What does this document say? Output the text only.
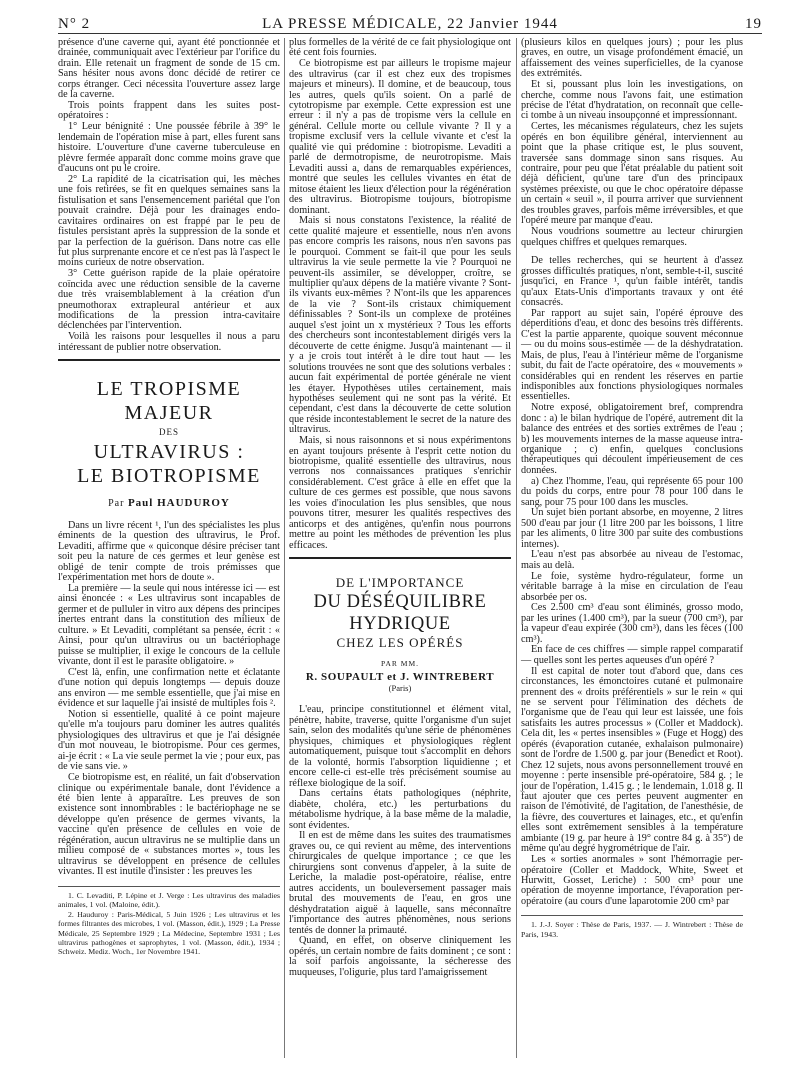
N° 2	LA PRESSE MÉDICALE, 22 Janvier 1944	19

présence d'une caverne qui, ayant été ponctionnée et drainée, communiquait avec l'extérieur par l'orifice du drain. Elle retenait un fragment de sonde de 15 cm. Sans hésiter nous avons donc décidé de retirer ce corps étranger. Ceci nécessita l'ouverture assez large de la caverne.

Trois points frappent dans les suites post-opératoires :

1° Leur bénignité : Une poussée fébrile à 39° le lendemain de l'opération mise à part, elles furent sans histoire. L'ouverture d'une caverne tuberculeuse en plèvre fermée apparaît donc comme moins grave que d'aucuns ont pu le croire.

2° La rapidité de la cicatrisation qui, les mèches une fois retirées, se fit en quelques semaines sans la fistulisation et sans l'ensemencement pariétal que l'on pouvait craindre. Déjà pour les drainages endo-cavitaires ordinaires on est frappé par le peu de fistules persistant après la suppression de la sonde et par la perfection de la guérison. Dans notre cas elle fut plus surprenante encore et ce n'est pas là l'aspect le moins curieux de notre observation.

3° Cette guérison rapide de la plaie opératoire coïncida avec une réduction sensible de la caverne due très vraisemblablement à la création d'un pneumothorax extrapleural antérieur et aux modifications de la pression intra-cavitaire déclenchées par l'intervention.

Voilà les raisons pour lesquelles il nous a paru intéressant de publier notre observation.

LE TROPISME MAJEUR
DES
ULTRAVIRUS :
LE BIOTROPISME
Par Paul HAUDUROY

Dans un livre récent ¹, l'un des spécialistes les plus éminents de la question des ultravirus, le Prof. Levaditi, affirme que « quiconque désire préciser tant soit peu la nature de ces germes et leur genèse est obligé de tenir compte de trois prémisses que l'expérimentation met hors de doute ».

La première — la seule qui nous intéresse ici — est ainsi énoncée : « Les ultravirus sont incapables de germer et de pulluler in vitro aux dépens des principes inertes entrant dans la constitution des milieux de culture. » Et Levaditi, complétant sa pensée, écrit : « Ainsi, pour qu'un ultravirus ou un bactériophage puisse se multiplier, il exige le concours de la cellule vivante, dont il est le parasite obligatoire. »

C'est là, enfin, une confirmation nette et éclatante d'une notion qui depuis longtemps — depuis douze ans environ — me semble essentielle, que j'ai mise en évidence et sur laquelle j'ai insisté de multiples fois ².

Notion si essentielle, qualité à ce point majeure qu'elle m'a toujours paru dominer les autres qualités physiologiques des ultravirus et que je l'ai désignée d'un mot nouveau, le biotropisme. Pour ces germes, ai-je écrit : « La vie seule permet la vie ; pour eux, pas de vie sans vie. »

Ce biotropisme est, en réalité, un fait d'observation clinique ou expérimentale banale, dont l'évidence a été bien lente à apparaître. Les preuves de son existence sont innombrables : le bactériophage ne se développe qu'en présence de germes vivants, la vaccine qu'en présence de cellules en voie de régénération, aucun ultravirus ne se multiplie dans un milieu composé de « substances mortes », tous les ultravirus se développent en présence de cellules vivantes. Il est inutile d'insister : les preuves les

1. C. Levaditi, P. Lépine et J. Verge : Les ultravirus des maladies animales, 1 vol. (Maloine, édit.).

2. Hauduroy : Paris-Médical, 5 Juin 1926 ; Les ultravirus et les formes filtrantes des microbes, 1 vol. (Masson, édit.), 1929 ; La Presse Médicale, 25 Septembre 1929 ; La Médecine, Septembre 1931 ; Les ultravirus pathogènes et saprophytes, 1 vol. (Masson, édit.), 1934 ; Schweiz. Mediz. Woch., 1er Novembre 1941.

plus formelles de la vérité de ce fait physiologique ont été cent fois fournies.

Ce biotropisme est par ailleurs le tropisme majeur des ultravirus (car il est chez eux des tropismes majeurs et mineurs). Il domine, et de beaucoup, tous les autres, quels qu'ils soient. On a parlé de cytotropisme par exemple. Cette expression est une erreur : il n'y a pas de tropisme vers la cellule en général. Cellule morte ou cellule vivante ? Il y a tropisme exclusif vers la cellule vivante et c'est la qualité vie qui prédomine : biotropisme. Levaditi a parlé de dermotropisme, de neurotropisme. Mais Levaditi aussi a, dans de remarquables expériences, montré que seules les cellules vivantes en état de mitose étaient les lieux d'élection pour la régénération des ultravirus. Biotropisme toujours, biotropisme dominant.

Mais si nous constatons l'existence, la réalité de cette qualité majeure et essentielle, nous n'en avons pas encore compris les raisons, nous n'en savons pas le pourquoi. Comment se fait-il que pour les seuls ultravirus la vie seule permette la vie ? Pourquoi ne peuvent-ils assimiler, se développer, croître, se multiplier qu'aux dépens de la matière vivante ? Sont-ils vivants eux-mêmes ? N'ont-ils que les apparences de la vie ? Sont-ils cristaux chimiquement définissables ? Sont-ils un complexe de protéines auquel s'est joint un x mystérieux ? Tous les efforts des chercheurs sont incontestablement dirigés vers la découverte de cette énigme. Jusqu'à maintenant — il y a je crois tout intérêt à le dire tout haut — les solutions trouvées ne sont que des solutions verbales : aucun fait expérimental de portée générale ne vient les étayer. Hypothèses utiles certainement, mais hypothèses seulement qui ne sont pas la vérité. Et cependant, c'est dans la découverte de cette solution que réside incontestablement le secret de la nature des ultravirus.

Mais, si nous raisonnons et si nous expérimentons en ayant toujours présente à l'esprit cette notion du biotropisme, qualité essentielle des ultravirus, nous verrons nos connaissances pratiques s'enrichir considérablement. C'est grâce à elle en effet que la culture de ces germes est possible, que nous savons les voies d'inoculation les plus sensibles, que nous pouvons titrer, mesurer les qualités respectives des anticorps et des antigènes, qu'enfin nous pourrons mettre au point les méthodes de prévention les plus efficaces.

DE L'IMPORTANCE
DU DÉSÉQUILIBRE HYDRIQUE
CHEZ LES OPÉRÉS
PAR MM.
R. SOUPAULT et J. WINTREBERT
(Paris)

L'eau, principe constitutionnel et élément vital, pénètre, habite, traverse, quitte l'organisme d'un sujet sain, selon des modalités qu'une série de phénomènes physiques, chimiques et physiologiques règlent automatiquement, puisque tout s'accomplit en dehors de la volonté, hormis l'absorption liquidienne ; et encore celle-ci est-elle très précisément soumise au réflexe biologique de la soif.

Dans certains états pathologiques (néphrite, diabète, choléra, etc.) les perturbations du métabolisme hydrique, à la base même de la maladie, sont évidentes.

Il en est de même dans les suites des traumatismes graves ou, ce qui revient au même, des interventions chirurgicales de quelque importance ; ce que les chirurgiens sont convenus d'appeler, à la suite de Leriche, la maladie post-opératoire, réalise, entre autres accidents, un bouleversement passager mais brutal des mouvements de l'eau, en gros une déshydratation aiguë à laquelle, sans méconnaître l'importance des autres phénomènes, nous serions tentés de donner la primauté.

Quand, en effet, on observe cliniquement les opérés, un certain nombre de faits dominent ; ce sont : la soif parfois angoissante, la sécheresse des muqueuses, l'oligurie, plus tard l'amaigrissement

(plusieurs kilos en quelques jours) ; pour les plus graves, en outre, un visage profondément émacié, un affaissement des veines superficielles, de la cyanose des extrémités.

Et si, poussant plus loin les investigations, on cherche, comme nous l'avons fait, une estimation précise de l'état d'hydratation, on reconnaît que celle-ci tombe à un niveau insoupçonné et impressionnant.

Certes, les mécanismes régulateurs, chez les sujets opérés en bon équilibre général, interviennent au point que la phase critique est, le plus souvent, traversée sans dommage sinon sans risques. Au contraire, pour peu que l'état préalable du patient soit déjà déficient, qu'une tare d'un des principaux systèmes préexiste, ou que le choc opératoire dépasse un certain « seuil », il pourra arriver que surviennent des troubles graves, parfois même irréversibles, et que l'opéré meure par manque d'eau.

Nous voudrions soumettre au lecteur chirurgien quelques chiffres et quelques remarques.

De telles recherches, qui se heurtent à d'assez grosses difficultés pratiques, n'ont, semble-t-il, suscité jusqu'ici, en France ¹, qu'un faible intérêt, tandis qu'aux Etats-Unis d'importants travaux y ont été consacrés.

Par rapport au sujet sain, l'opéré éprouve des déperditions d'eau, et donc des besoins très différents. C'est la partie apparente, quoique souvent méconnue — ou du moins sous-estimée — de la déshydratation. Mais, de plus, l'eau à l'intérieur même de l'organisme subit, du fait de l'acte opératoire, des « mouvements » considérables qui en rendent les réserves en partie indisponibles aux fonctions physiologiques normales essentielles.

Notre exposé, obligatoirement bref, comprendra donc : a) le bilan hydrique de l'opéré, autrement dit la balance des entrées et des sorties extrêmes de l'eau ; b) les mouvements internes de la masse aqueuse intra-organique ; c) enfin, quelques conclusions thérapeutiques qui découlent impérieusement de ces données.

a) Chez l'homme, l'eau, qui représente 65 pour 100 du poids du corps, entre pour 78 pour 100 dans le sang, pour 75 pour 100 dans les muscles.

Un sujet bien portant absorbe, en moyenne, 2 litres 500 d'eau par jour (1 litre 200 par les boissons, 1 litre par les aliments, 0 litre 300 par suite des combustions internes).

L'eau n'est pas absorbée au niveau de l'estomac, mais au delà.

Le foie, système hydro-régulateur, forme un véritable barrage à la mise en circulation de l'eau absorbée per os.

Ces 2.500 cm³ d'eau sont éliminés, grosso modo, par les urines (1.400 cm³), par la sueur (700 cm³), par la vapeur d'eau expirée (300 cm³), dans les fèces (100 cm³).

En face de ces chiffres — simple rappel comparatif — quelles sont les pertes aqueuses d'un opéré ?

Il est capital de noter tout d'abord que, dans ces circonstances, les émonctoires cutané et pulmonaire prennent des « droits préférentiels » sur le rein « qui ne se servent pour l'élimination des déchets de l'organisme que de l'eau qui leur est laissée, une fois satisfaits les autres processus » (Coller et Maddock). Cela dit, les « pertes insensibles » (Fuge et Hogg) des opérés (évaporation cutanée, exhalaison pulmonaire) sont de l'ordre de 1.500 g. par jour (Benedict et Root). Chez 12 sujets, nous avons personnellement trouvé en moyenne : perte insensible pré-opératoire, 584 g. ; le jour de l'opération, 1.415 g. ; le lendemain, 1.018 g. Il faut ajouter que ces pertes peuvent augmenter en raison de l'émotivité, de l'agitation, de l'anesthésie, de la fièvre, des couvertures et lainages, etc., et qu'enfin elles sont extrêmement sensibles à la température ambiante (19 g. par heure à 19° contre 84 g. à 35°) de même qu'au degré hygrométrique de l'air.

Les « sorties anormales » sont l'hémorragie per-opératoire (Coller et Maddock, White, Sweet et Hurwitt, Gosset, Leriche) : 500 cm³ pour une opération de moyenne importance, l'évaporation per-opératoire (au cours d'une laparotomie 200 cm³ par

1. J.-J. Soyer : Thèse de Paris, 1937. — J. Wintrebert : Thèse de Paris, 1943.
